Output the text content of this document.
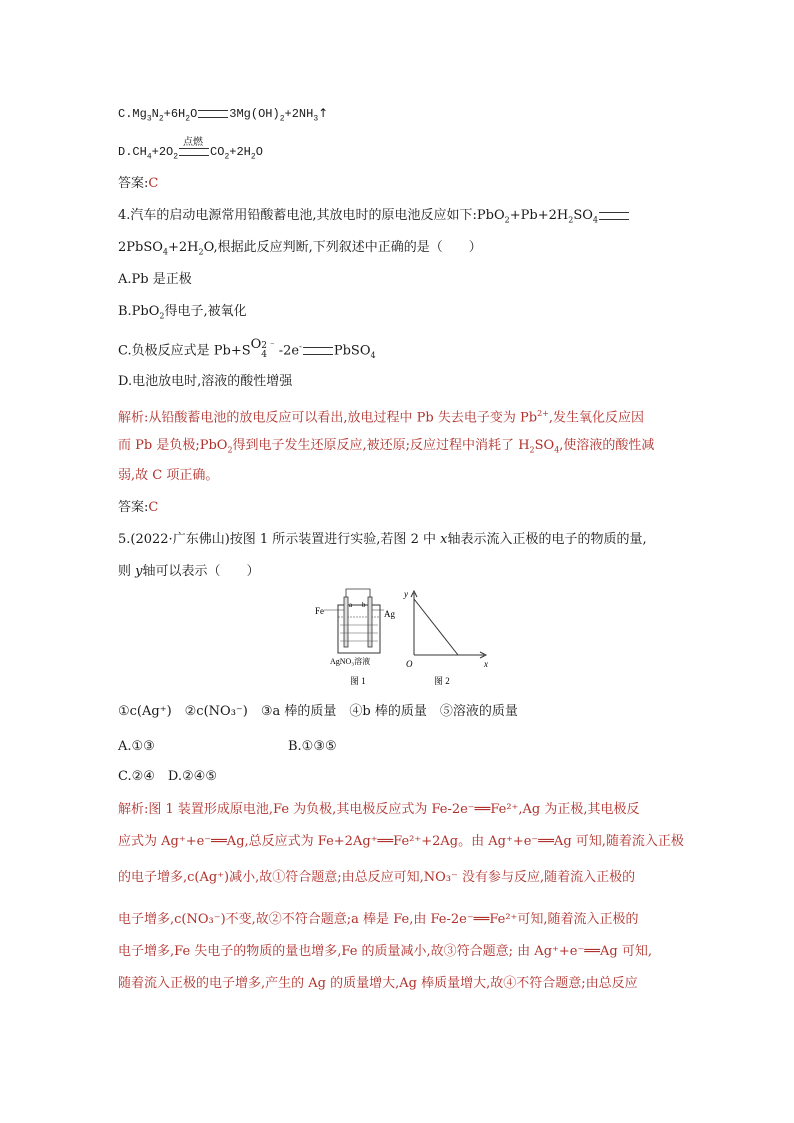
$C.Mg_3N_2+6H_2O$	$3Mg(OH)_2+2NH_3↑$
$D.CH_4+2O_2$
点燃
$CO_2+2H_2O$
答案:C
4.汽车的启动电源常用铅酸蓄电池,其放电时的原电池反应如下$:PbO_2+Pb+2H_2SO_4$
$2PbSO_4+2H_2O$,根据此反应判断,下列叙述中正确的是（　　）
A.Pb 是正极
B.PbO$_2$得电子,被氧化
C.负极反应式是 Pb+SO 2 ⁻
4 -2e- PbSO$_4$
D.电池放电时,溶液的酸性增强
解析:从铅酸蓄电池的放电反应可以看出,放电过程中 Pb 失去电子变为 $Pb^{2+}$,发生氧化反应因
而 Pb 是负极;PbO$_2$得到电子发生还原反应,被还原;反应过程中消耗了 $H_2SO_4$,使溶液的酸性减
弱,故 C 项正确。
答案:C
5.(2022·广东佛山)按图 1 所示装置进行实验,若图 2 中 x轴表示流入正极的电子的物质的量,
则 y轴可以表示（　　）
Fe	Ag
a b
AgNO₃溶液
图 1
y
x
O
图 2
①c(Ag⁺)　②c(NO₃⁻)　③a 棒的质量　④b 棒的质量　⑤溶液的质量
A.①③	B.①③⑤
C.②④　D.②④⑤
解析:图 1 装置形成原电池,Fe 为负极,其电极反应式为 Fe-2e⁻══Fe²⁺,Ag 为正极,其电极反
应式为 Ag⁺+e⁻══Ag,总反应式为 Fe+2Ag⁺══Fe²⁺+2Ag。由 Ag⁺+e⁻══Ag 可知,随着流入正极
的电子增多,c(Ag⁺)减小,故①符合题意;由总反应可知,NO₃⁻ 没有参与反应,随着流入正极的
电子增多,c(NO₃⁻)不变,故②不符合题意;a 棒是 Fe,由 Fe-2e⁻══Fe²⁺可知,随着流入正极的
电子增多,Fe 失电子的物质的量也增多,Fe 的质量减小,故③符合题意; 由 Ag⁺+e⁻══Ag 可知,
随着流入正极的电子增多,产生的 Ag 的质量增大,Ag 棒质量增大,故④不符合题意;由总反应
